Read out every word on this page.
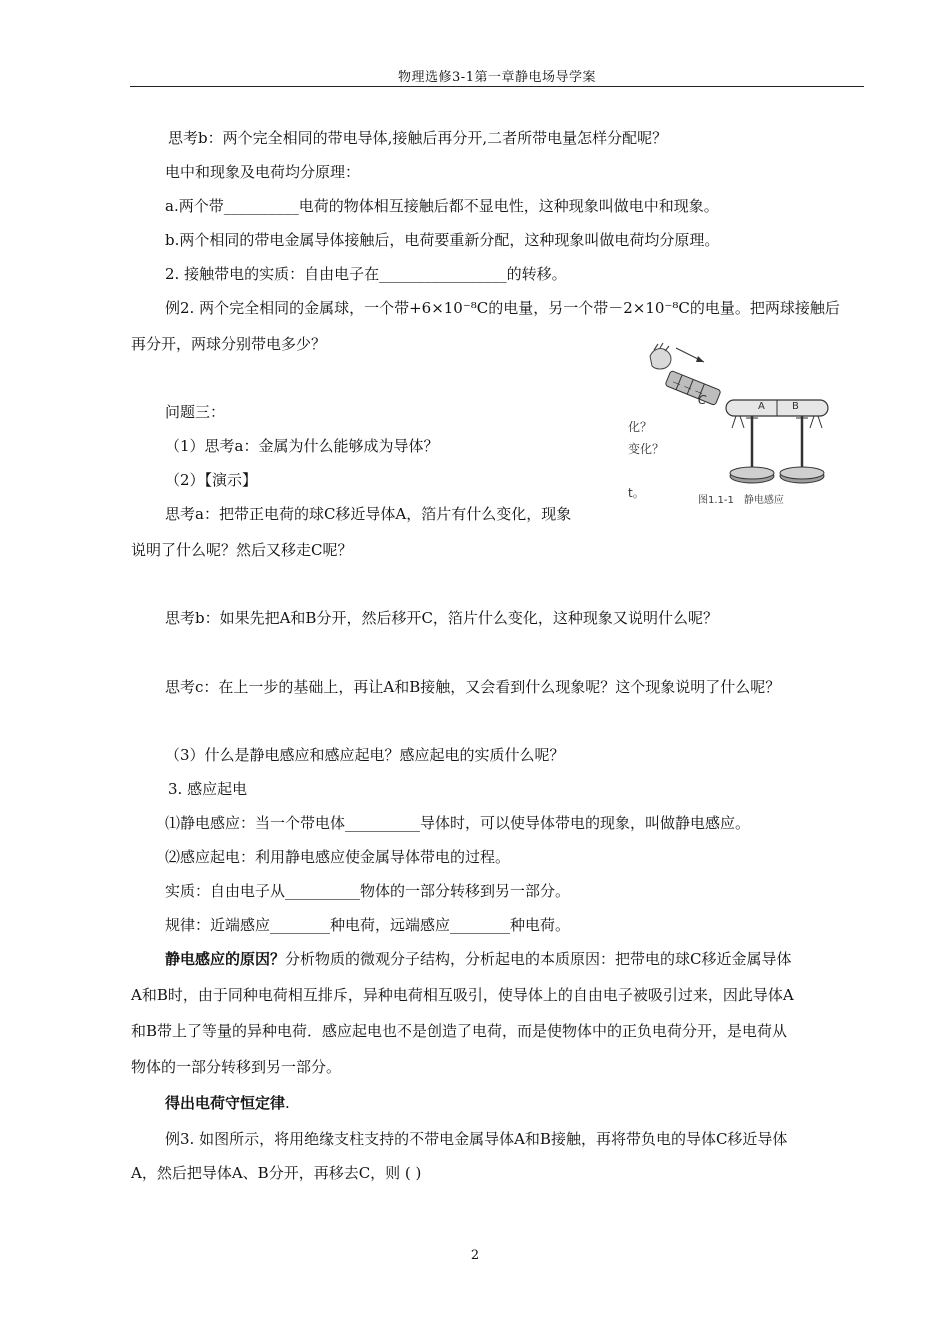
物理选修3-1第一章静电场导学案
思考b：两个完全相同的带电导体,接触后再分开,二者所带电量怎样分配呢？
电中和现象及电荷均分原理：
a.两个带__________电荷的物体相互接触后都不显电性，这种现象叫做电中和现象。
b.两个相同的带电金属导体接触后，电荷要重新分配，这种现象叫做电荷均分原理。
2. 接触带电的实质：自由电子在_________________的转移。
例2. 两个完全相同的金属球，一个带+6×10⁻⁸C的电量，另一个带－2×10⁻⁸C的电量。把两球接触后
再分开，两球分别带电多少？
问题三：
（1）思考a：金属为什么能够成为导体？
（2）【演示】
思考a：把带正电荷的球C移近导体A，箔片有什么变化，现象
说明了什么呢？然后又移走C呢？
思考b：如果先把A和B分开，然后移开C，箔片什么变化，这种现象又说明什么呢？
思考c：在上一步的基础上，再让A和B接触，又会看到什么现象呢？这个现象说明了什么呢？
（3）什么是静电感应和感应起电？感应起电的实质什么呢？
3. 感应起电
⑴静电感应：当一个带电体__________导体时，可以使导体带电的现象，叫做静电感应。
⑵感应起电：利用静电感应使金属导体带电的过程。
实质：自由电子从__________物体的一部分转移到另一部分。
规律：近端感应________种电荷，远端感应________种电荷。
静电感应的原因？分析物质的微观分子结构，分析起电的本质原因：把带电的球C移近金属导体
A和B时，由于同种电荷相互排斥，异种电荷相互吸引，使导体上的自由电子被吸引过来，因此导体A
和B带上了等量的异种电荷．感应起电也不是创造了电荷，而是使物体中的正负电荷分开，是电荷从
物体的一部分转移到另一部分。
得出电荷守恒定律.
例3. 如图所示，将用绝缘支柱支持的不带电金属导体A和B接触，再将带负电的导体C移近导体
A，然后把导体A、B分开，再移去C，则 ( )
— — —
C	A	B
化？
变化？
t。
图1.1-1　静电感应
2
